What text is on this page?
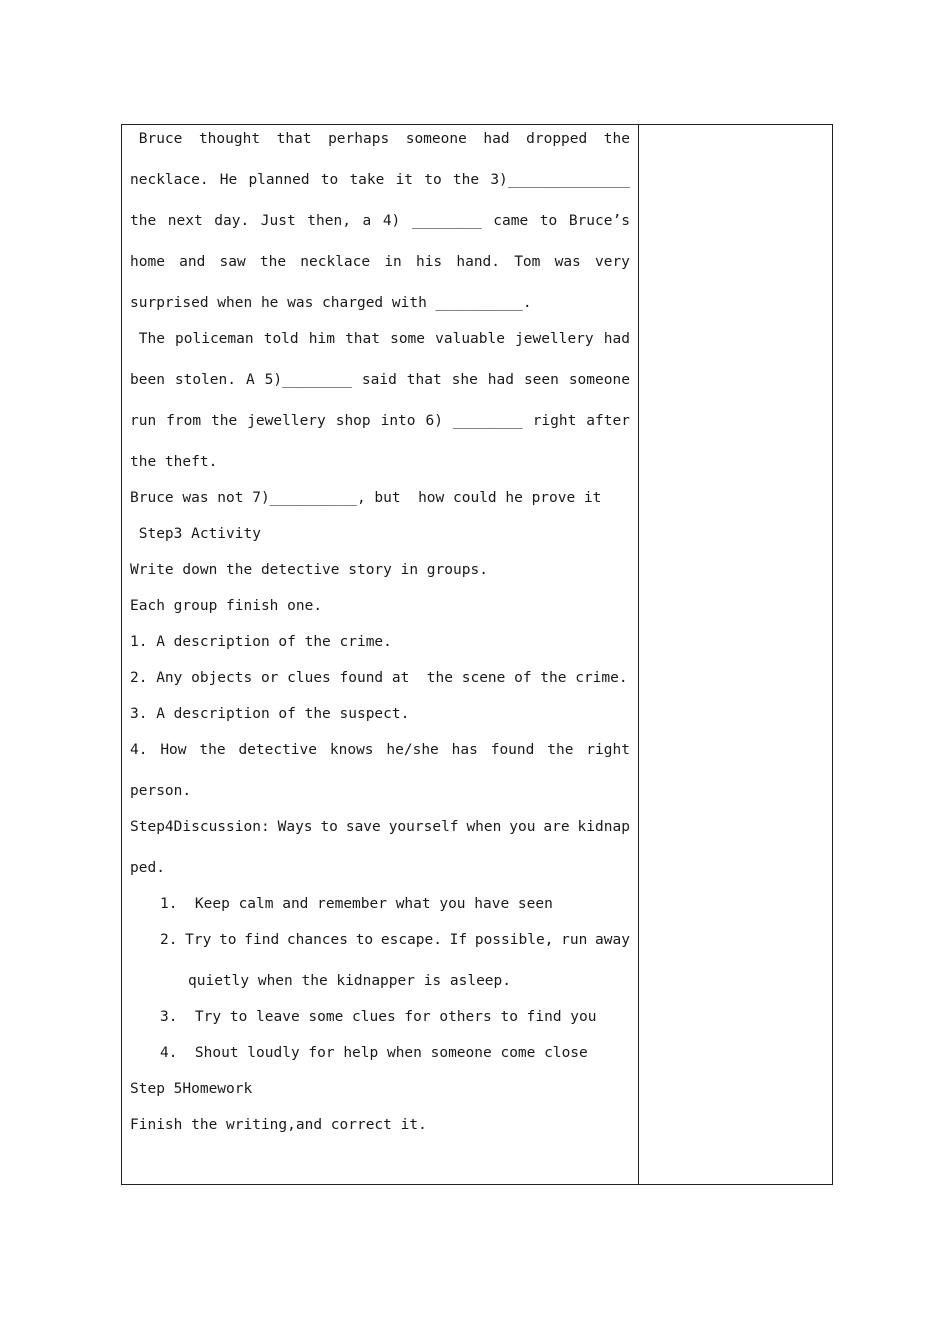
Bruce thought that perhaps someone had dropped the
necklace. He planned to take it to the 3)______________
the next day. Just then, a 4) ________ came to Bruce’s
home and saw the necklace in his hand. Tom was very
surprised when he was charged with __________.
The policeman told him that some valuable jewellery had
been stolen. A 5)________ said that she had seen someone
run from the jewellery shop into 6) ________ right after
the theft.
Bruce was not 7)__________, but  how could he prove it
Step3 Activity
Write down the detective story in groups.
Each group finish one.
1. A description of the crime.
2. Any objects or clues found at  the scene of the crime.
3. A description of the suspect.
4. How the detective knows he/she has found the right
person.
Step4Discussion: Ways to save yourself when you are kidnap
ped.
1.  Keep calm and remember what you have seen
2. Try to find chances to escape. If possible, run away
quietly when the kidnapper is asleep.
3.  Try to leave some clues for others to find you
4.  Shout loudly for help when someone come close
Step 5Homework
Finish the writing,and correct it.
